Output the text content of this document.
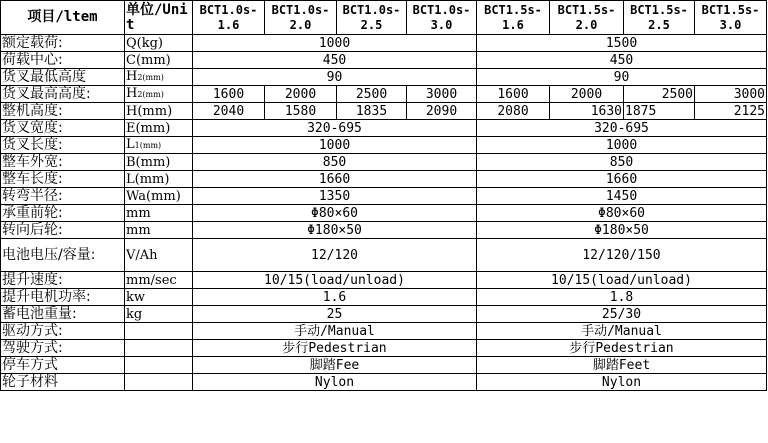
项目/ltem	单位/Unit	BCT1.0s-1.6	BCT1.0s-2.0	BCT1.0s-2.5	BCT1.0s-3.0	BCT1.5s-1.6	BCT1.5s-2.0	BCT1.5s-2.5	BCT1.5s-3.0
额定载荷:	Q(kg)	1000				1500			
荷载中心:	C(mm)	450				450			
货叉最低高度	H2(mm)	90				90			
货叉最高高度:	H2(mm)	1600	2000	2500	3000	1600	2000	2500	3000
整机高度:	H(mm)	2040	1580	1835	2090	2080	1630	1875	2125
货叉宽度:	E(mm)	320-695				320-695			
货叉长度:	L1(mm)	1000				1000			
整车外宽:	B(mm)	850				850			
整车长度:	L(mm)	1660				1660			
转弯半径:	Wa(mm)	1350				1450			
承重前轮:	mm	Φ80×60				Φ80×60			
转向后轮:	mm	Φ180×50				Φ180×50			
电池电压/容量:	V/Ah	12/120				12/120/150			
提升速度:	mm/sec	10/15(load/unload)				10/15(load/unload)			
提升电机功率:	kw	1.6				1.8			
蓄电池重量:	kg	25				25/30			
驱动方式:		手动/Manual				手动/Manual			
驾驶方式:		步行Pedestrian				步行Pedestrian			
停车方式		脚踏Fee				脚踏Feet			
轮子材料		Nylon				Nylon			
